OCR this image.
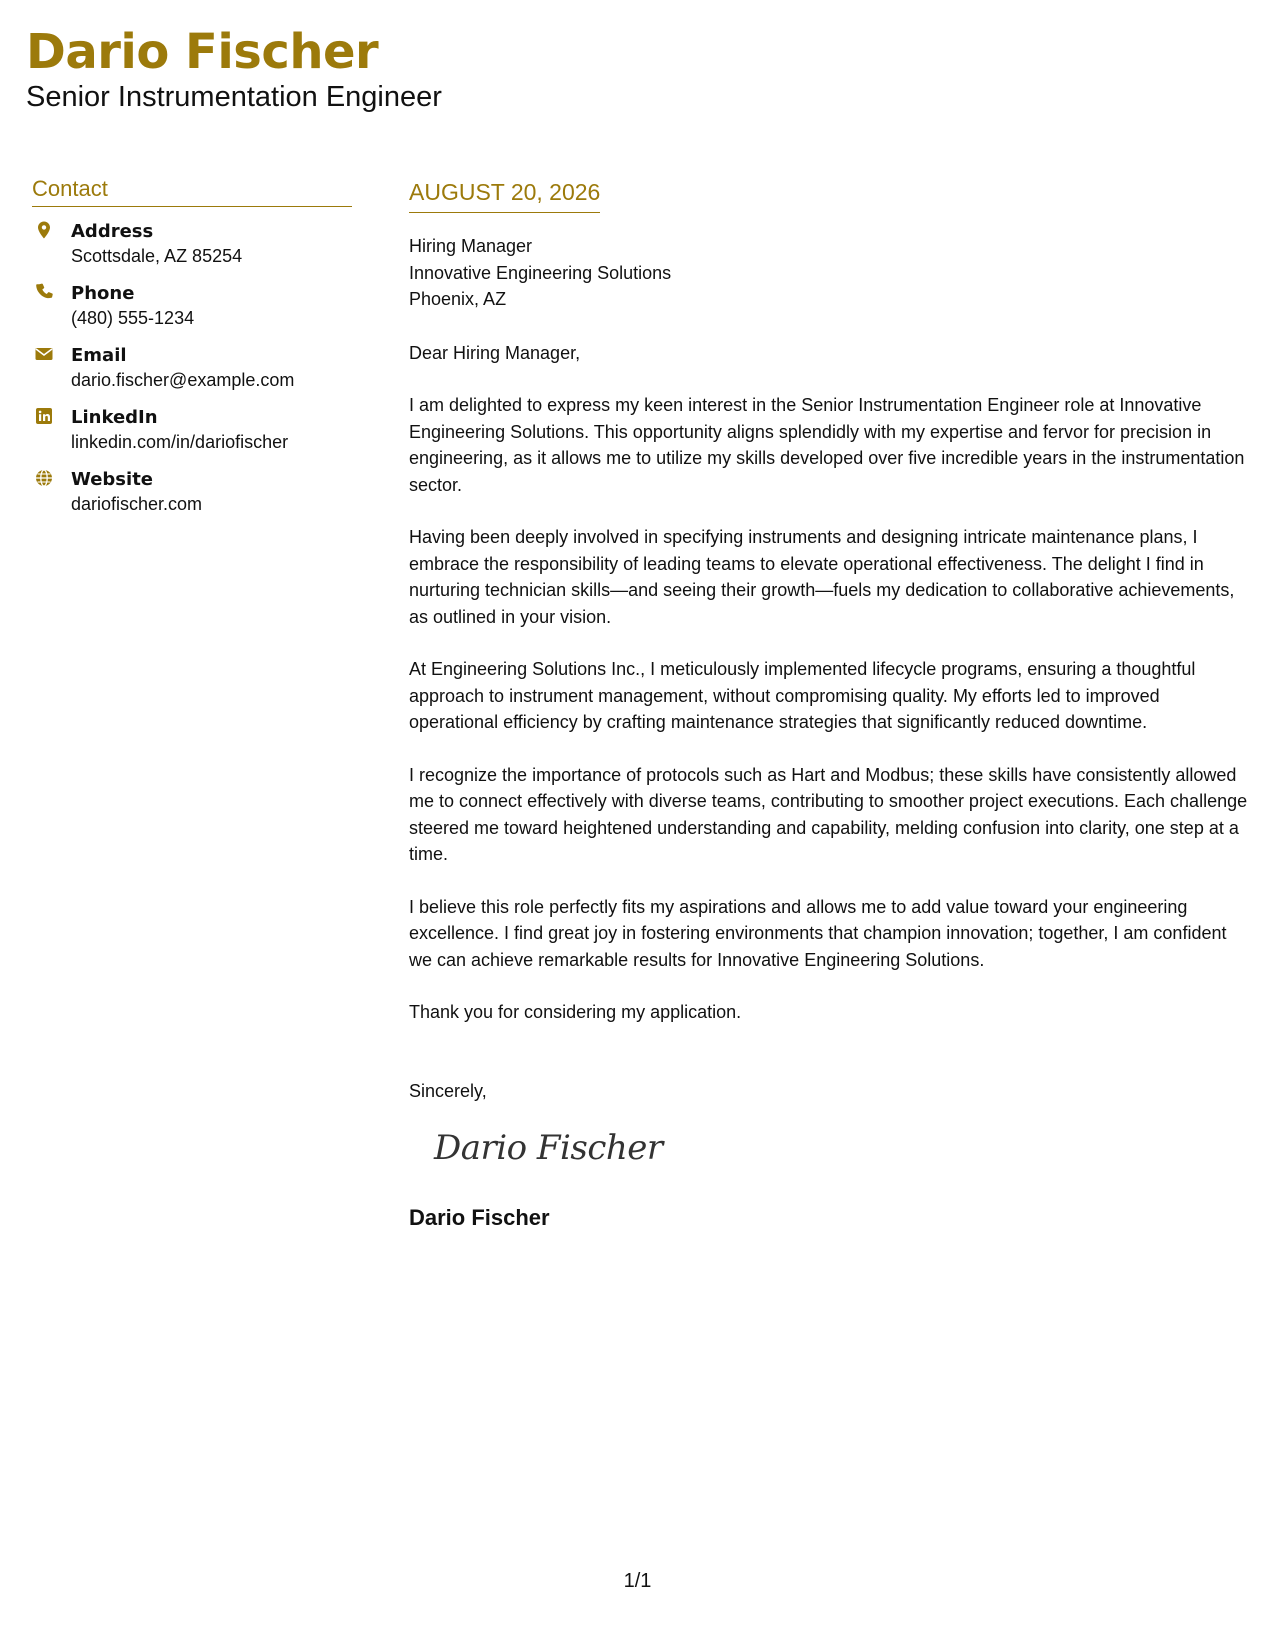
Dario Fischer
Senior Instrumentation Engineer
Contact
Address
Scottsdale, AZ 85254
Phone
(480) 555-1234
Email
dario.fischer@example.com
LinkedIn
linkedin.com/in/dariofischer
Website
dariofischer.com
AUGUST 20, 2026
Hiring Manager
Innovative Engineering Solutions
Phoenix, AZ
Dear Hiring Manager,
I am delighted to express my keen interest in the Senior Instrumentation Engineer role at Innovative Engineering Solutions. This opportunity aligns splendidly with my expertise and fervor for precision in engineering, as it allows me to utilize my skills developed over five incredible years in the instrumentation sector.
Having been deeply involved in specifying instruments and designing intricate maintenance plans, I embrace the responsibility of leading teams to elevate operational effectiveness. The delight I find in nurturing technician skills—and seeing their growth—fuels my dedication to collaborative achievements, as outlined in your vision.
At Engineering Solutions Inc., I meticulously implemented lifecycle programs, ensuring a thoughtful approach to instrument management, without compromising quality. My efforts led to improved operational efficiency by crafting maintenance strategies that significantly reduced downtime.
I recognize the importance of protocols such as Hart and Modbus; these skills have consistently allowed me to connect effectively with diverse teams, contributing to smoother project executions. Each challenge steered me toward heightened understanding and capability, melding confusion into clarity, one step at a time.
I believe this role perfectly fits my aspirations and allows me to add value toward your engineering excellence. I find great joy in fostering environments that champion innovation; together, I am confident we can achieve remarkable results for Innovative Engineering Solutions.
Thank you for considering my application.
Sincerely,
Dario Fischer
Dario Fischer
1/1
